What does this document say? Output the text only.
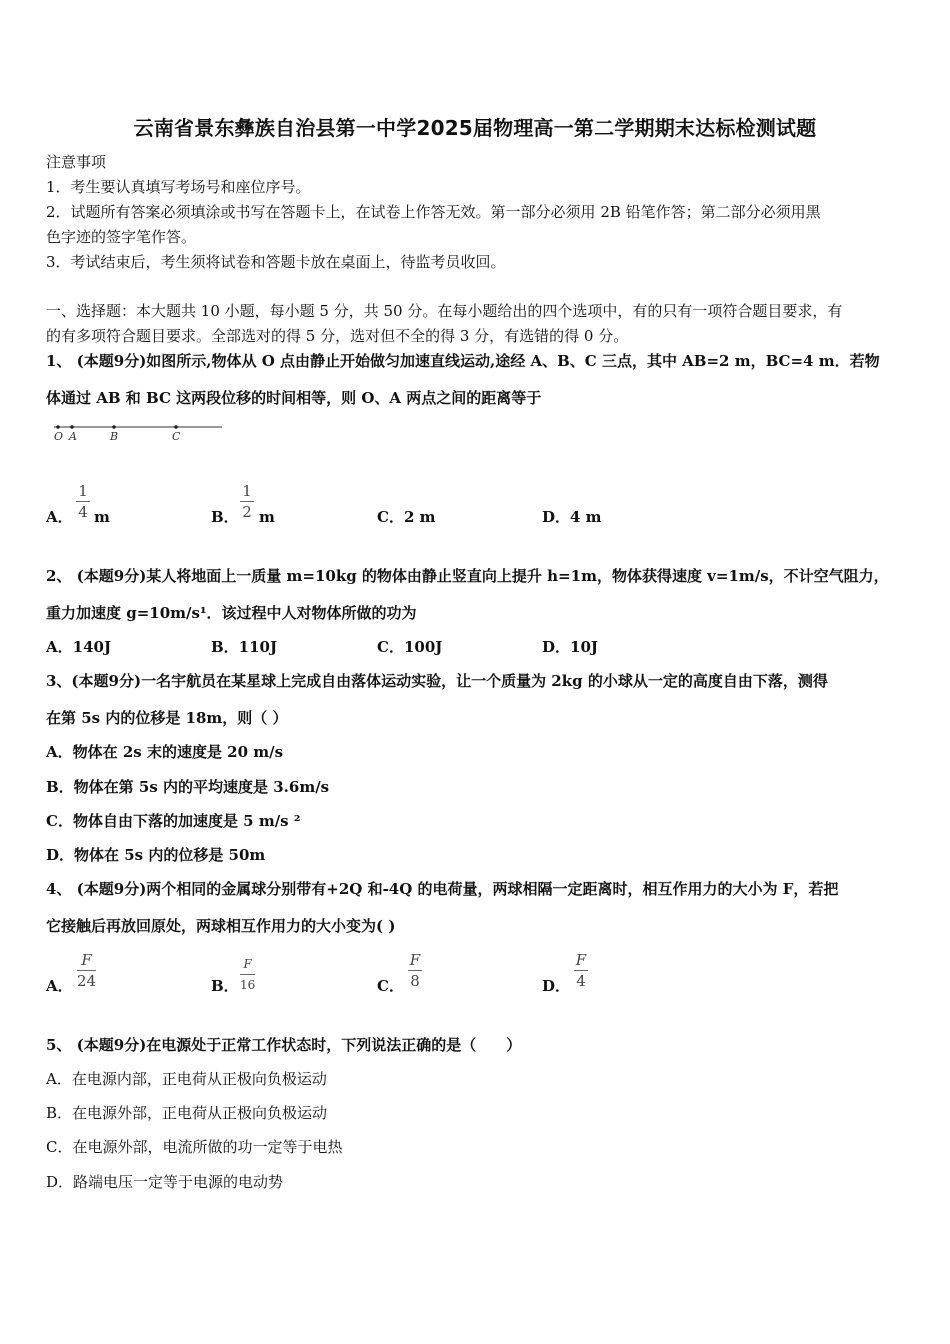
云南省景东彝族自治县第一中学2025届物理高一第二学期期末达标检测试题
注意事项
1．考生要认真填写考场号和座位序号。
2．试题所有答案必须填涂或书写在答题卡上，在试卷上作答无效。第一部分必须用 2B 铅笔作答；第二部分必须用黑
色字迹的签字笔作答。
3．考试结束后，考生须将试卷和答题卡放在桌面上，待监考员收回。
一、选择题：本大题共 10 小题，每小题 5 分，共 50 分。在每小题给出的四个选项中，有的只有一项符合题目要求，有
的有多项符合题目要求。全部选对的得 5 分，选对但不全的得 3 分，有选错的得 0 分。
1、 (本题9分)如图所示,物体从 O 点由静止开始做匀加速直线运动,途经 A、B、C 三点，其中 AB=2 m，BC=4 m．若物
体通过 AB 和 BC 这两段位移的时间相等，则 O、A 两点之间的距离等于
O A	B	C
A．
1
4 m	B．
1
2 m	C．2 m	D．4 m
2、 (本题9分)某人将地面上一质量 m=10kg 的物体由静止竖直向上提升 h=1m，物体获得速度 v=1m/s，不计空气阻力，
重力加速度 g=10m/s¹．该过程中人对物体所做的功为
A．140J	B．110J	C．100J	D．10J
3、(本题9分)一名宇航员在某星球上完成自由落体运动实验，让一个质量为 2kg 的小球从一定的高度自由下落，测得
在第 5s 内的位移是 18m，则（ ）
A．物体在 2s 末的速度是 20 m/s
B．物体在第 5s 内的平均速度是 3.6m/s
C．物体自由下落的加速度是 5 m/s ²
D．物体在 5s 内的位移是 50m
4、 (本题9分)两个相同的金属球分别带有+2Q 和-4Q 的电荷量，两球相隔一定距离时，相互作用力的大小为 F，若把
它接触后再放回原处，两球相互作用力的大小变为( )
A．
F
24	B．
F
16	C．
F
8	D．
F
4
5、 (本题9分)在电源处于正常工作状态时，下列说法正确的是（　　）
A．在电源内部，正电荷从正极向负极运动
B．在电源外部，正电荷从正极向负极运动
C．在电源外部，电流所做的功一定等于电热
D．路端电压一定等于电源的电动势
